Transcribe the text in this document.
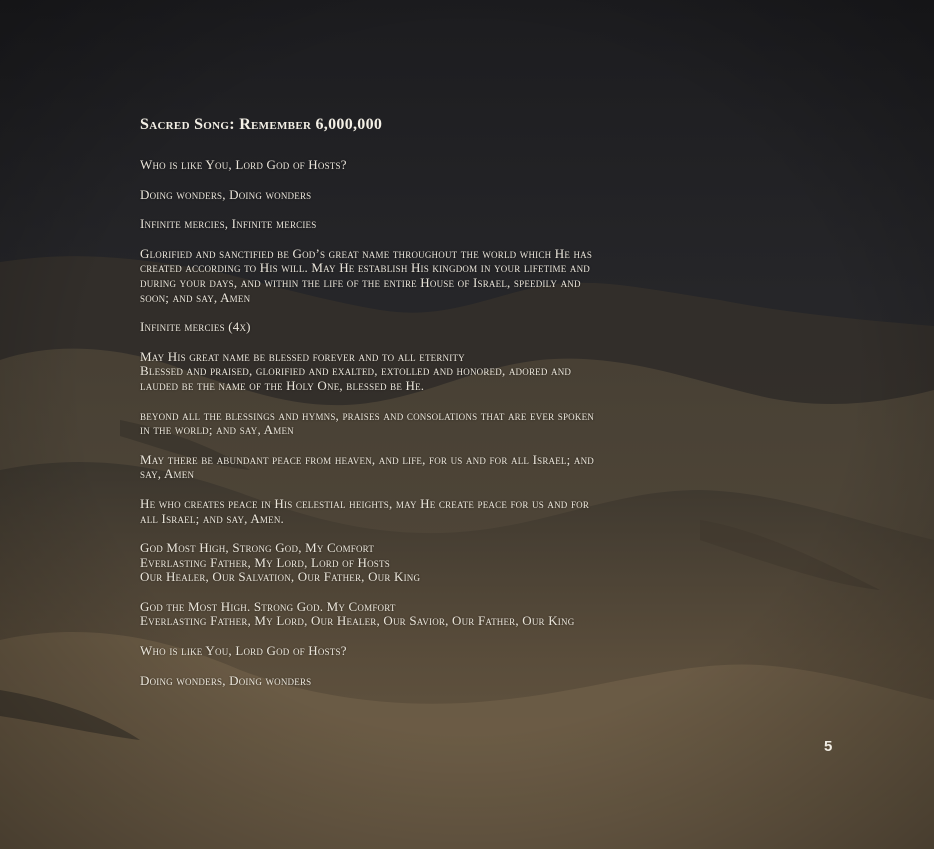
Sacred Song: Remember 6,000,000
Who is like You, Lord God of Hosts?
Doing wonders, Doing wonders
Infinite mercies, Infinite mercies
Glorified and sanctified be God’s great name throughout the world which He has
created according to His will. May He establish His kingdom in your lifetime and
during your days, and within the life of the entire House of Israel, speedily and
soon; and say, Amen
Infinite mercies (4x)
May His great name be blessed forever and to all eternity
Blessed and praised, glorified and exalted, extolled and honored, adored and
lauded be the name of the Holy One, blessed be He.
beyond all the blessings and hymns, praises and consolations that are ever spoken
in the world; and say, Amen
May there be abundant peace from heaven, and life, for us and for all Israel; and
say, Amen
He who creates peace in His celestial heights, may He create peace for us and for
all Israel; and say, Amen.
God Most High, Strong God, My Comfort
Everlasting Father, My Lord, Lord of Hosts
Our Healer, Our Salvation, Our Father, Our King
God the Most High. Strong God. My Comfort
Everlasting Father, My Lord, Our Healer, Our Savior, Our Father, Our King
Who is like You, Lord God of Hosts?
Doing wonders, Doing wonders
5
